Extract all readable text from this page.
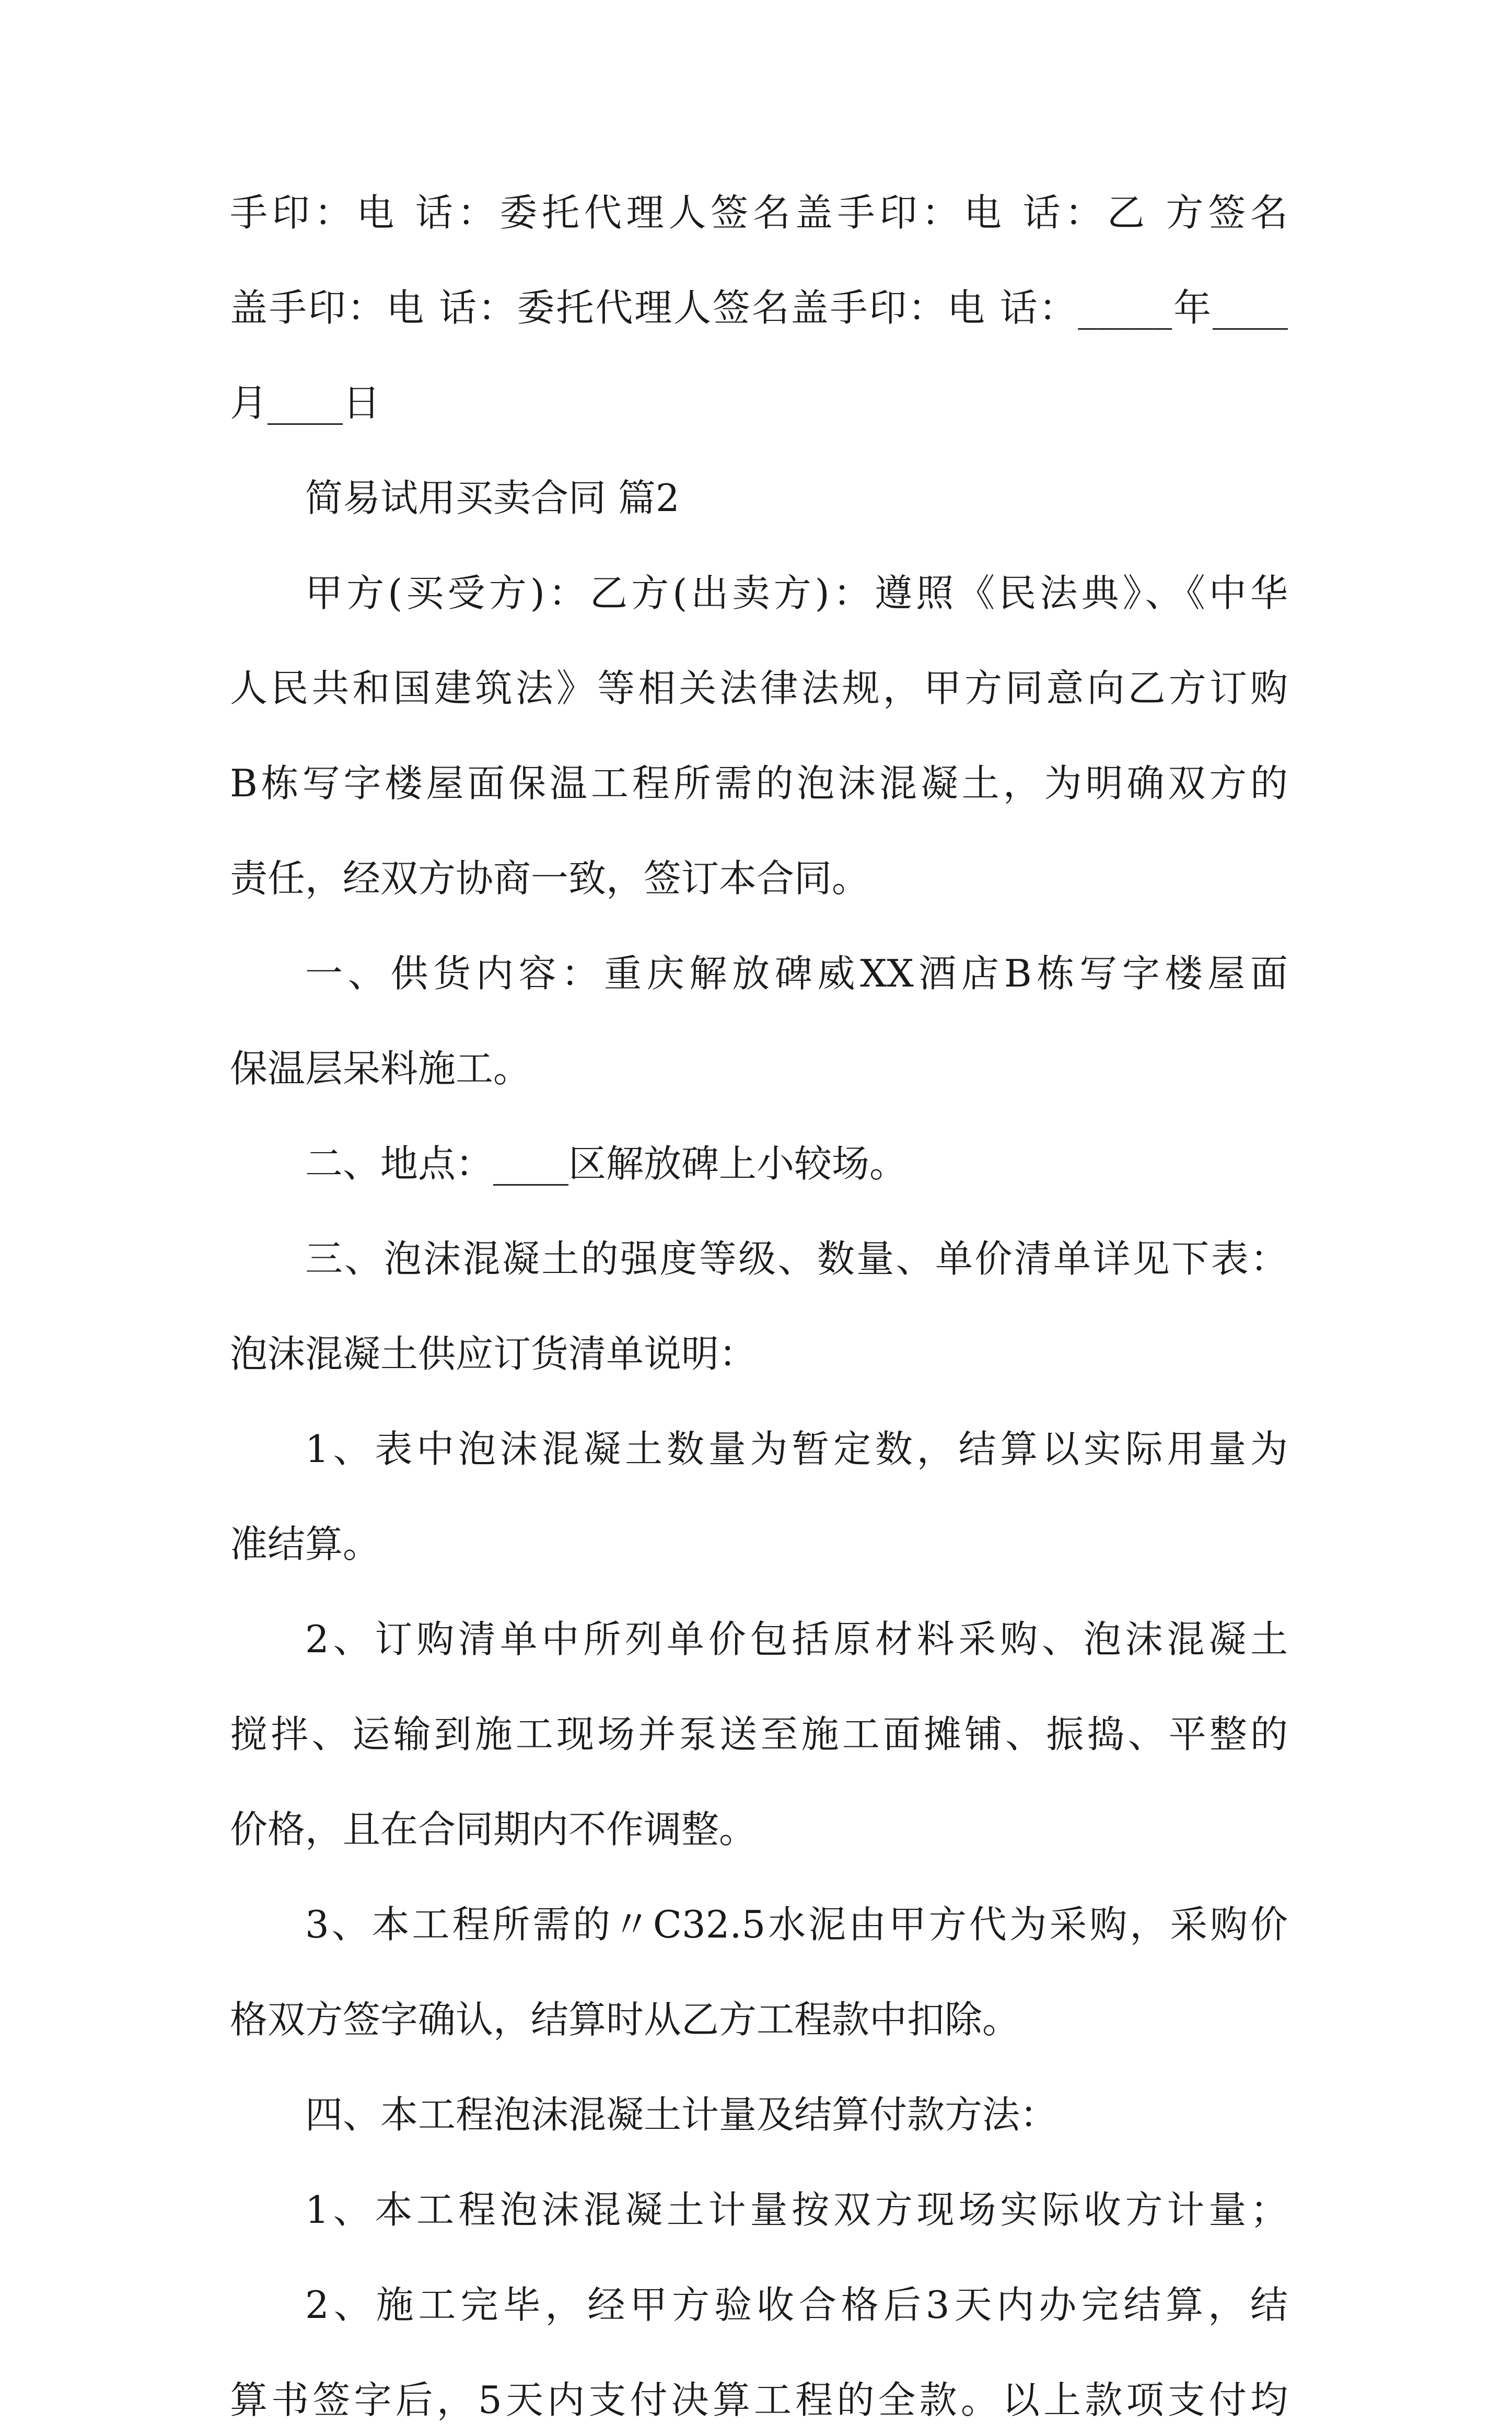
手印：电 话：委托代理人签名盖手印：电 话：乙 方签名
盖手印：电 话：委托代理人签名盖手印：电 话：_____年____
月____日
简易试用买卖合同 篇2
甲方(买受方)：乙方(出卖方)：遵照《民法典》、《中华
人民共和国建筑法》等相关法律法规，甲方同意向乙方订购
B栋写字楼屋面保温工程所需的泡沫混凝土，为明确双方的
责任，经双方协商一致，签订本合同。
一、供货内容：重庆解放碑威XX酒店B栋写字楼屋面
保温层呆料施工。
二、地点：____区解放碑上小较场。
三、泡沫混凝土的强度等级、数量、单价清单详见下表：
泡沫混凝土供应订货清单说明：
1、表中泡沫混凝土数量为暂定数，结算以实际用量为
准结算。
2、订购清单中所列单价包括原材料采购、泡沫混凝土
搅拌、运输到施工现场并泵送至施工面摊铺、振捣、平整的
价格，且在合同期内不作调整。
3、本工程所需的〃C32.5水泥由甲方代为采购，采购价
格双方签字确认，结算时从乙方工程款中扣除。
四、本工程泡沫混凝土计量及结算付款方法：
1、本工程泡沫混凝土计量按双方现场实际收方计量；
2、施工完毕，经甲方验收合格后3天内办完结算，结
算书签字后，5天内支付决算工程的全款。以上款项支付均
